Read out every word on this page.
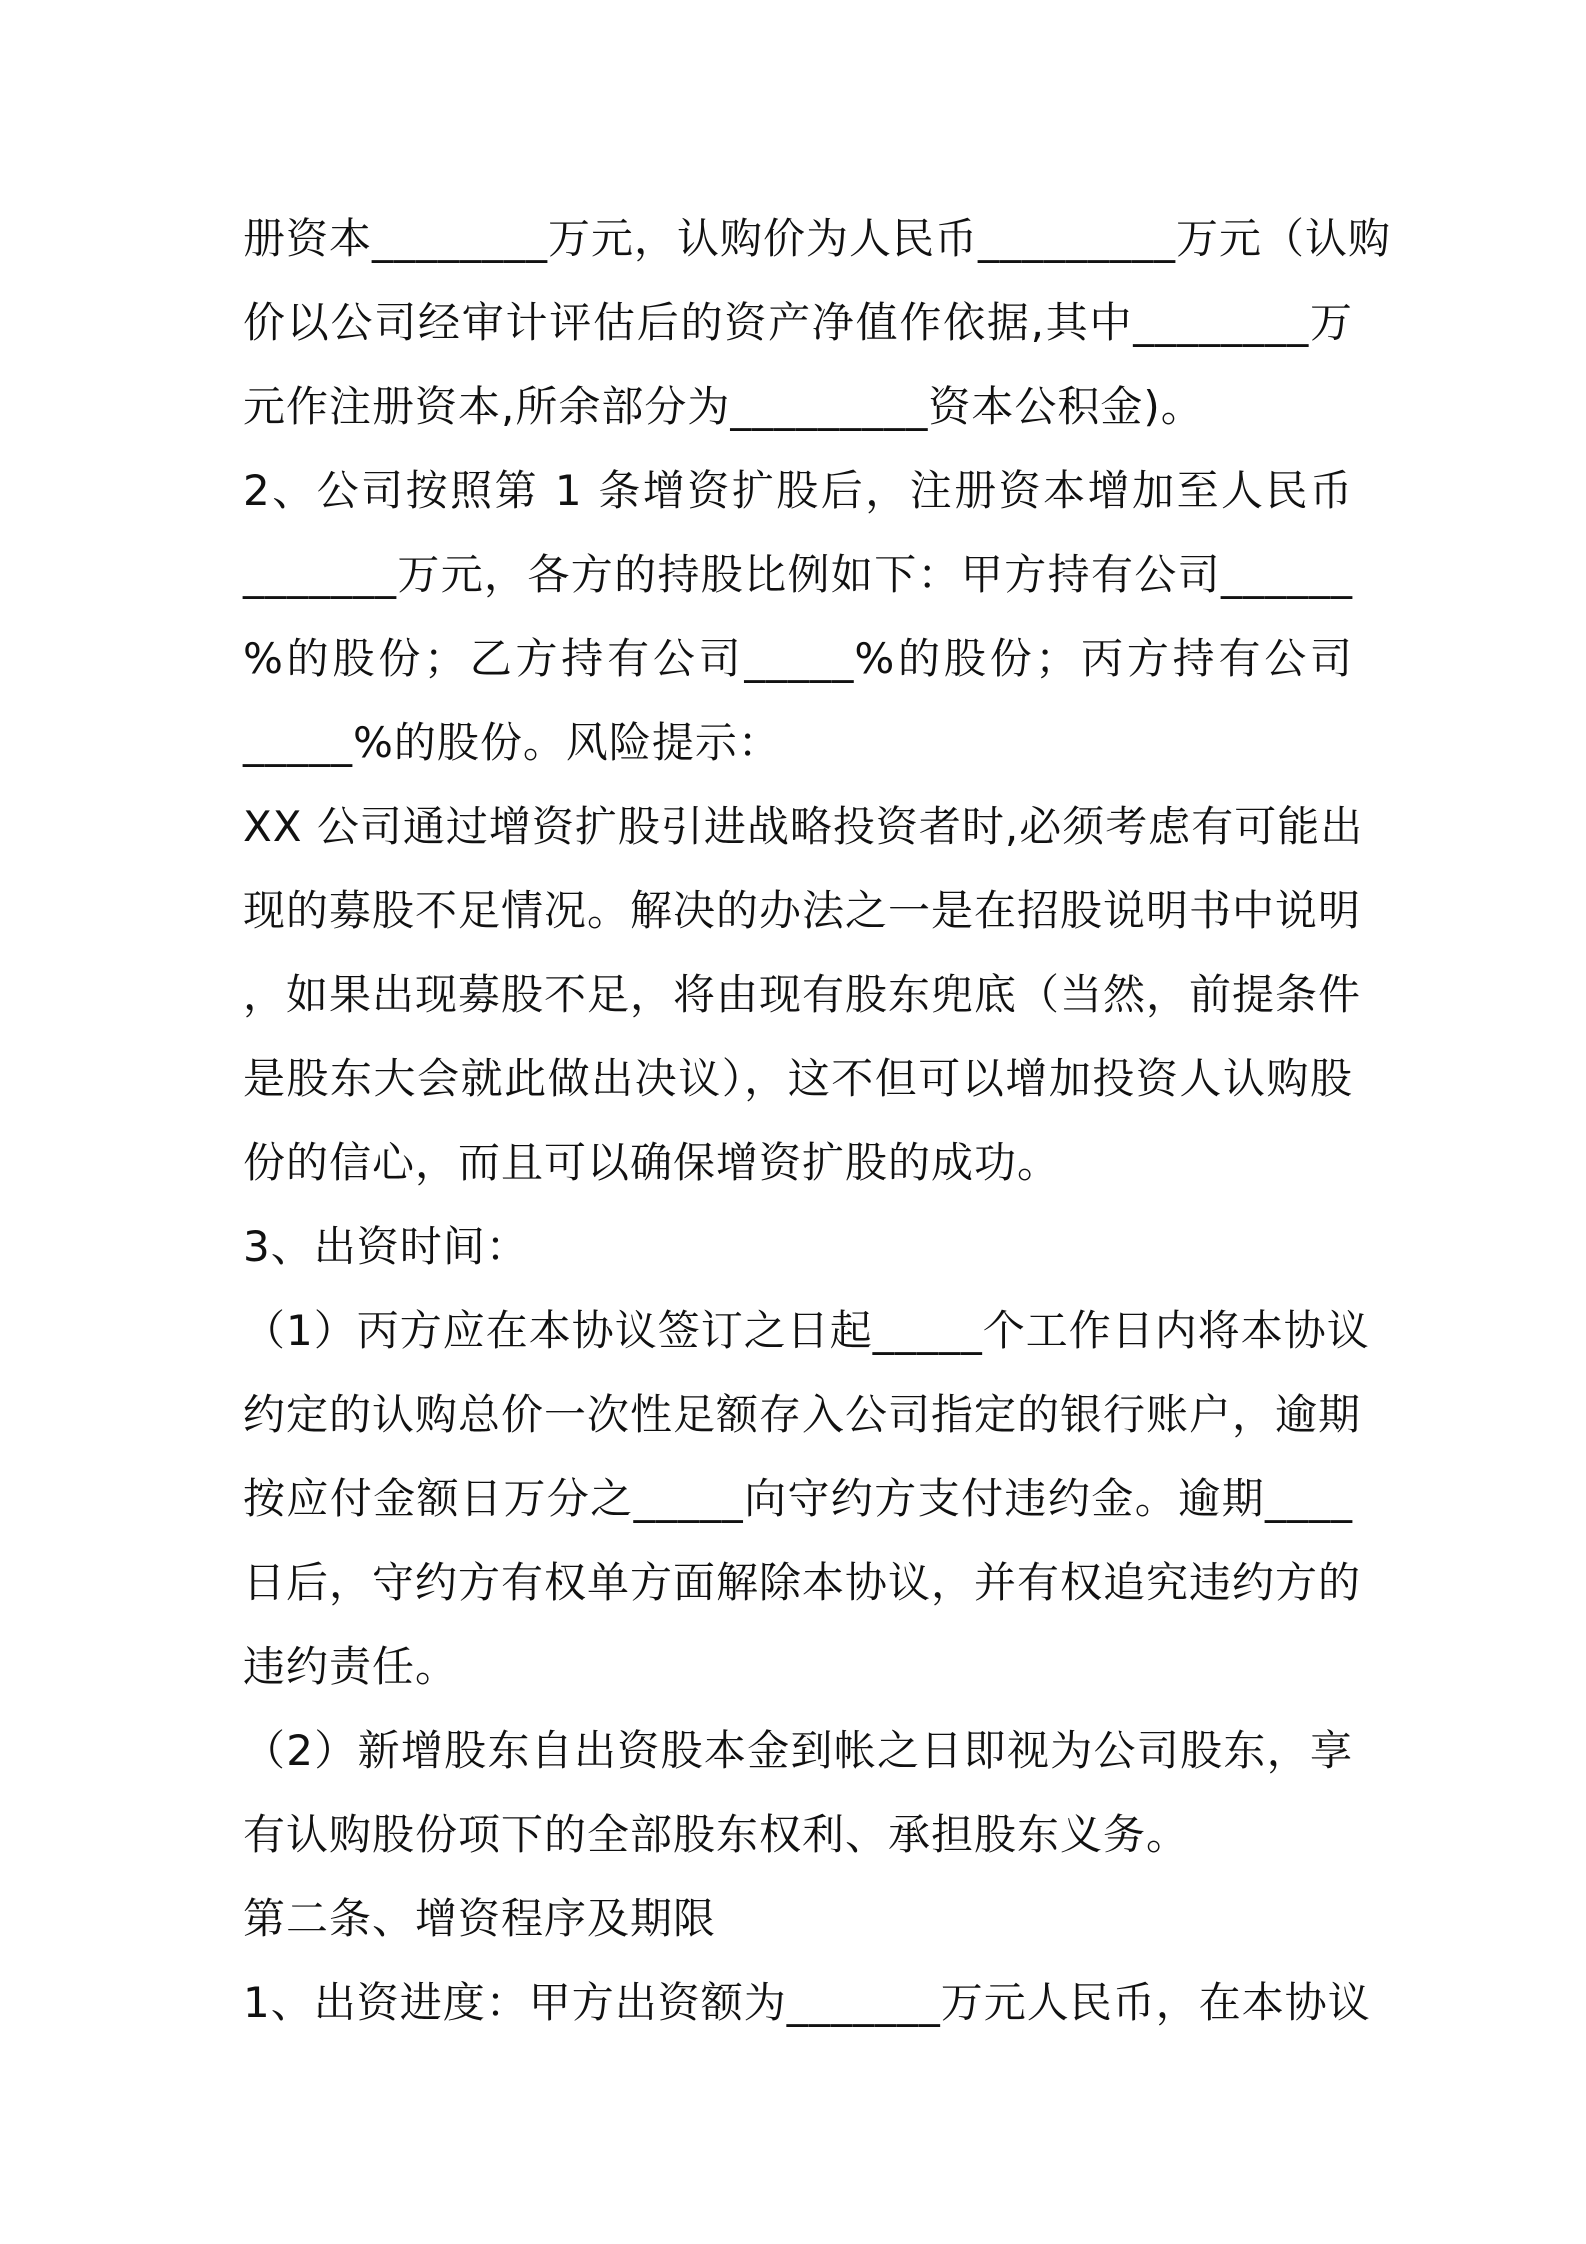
册资本________万元，认购价为人民币_________万元（认购
价以公司经审计评估后的资产净值作依据,其中________万
元作注册资本,所余部分为_________资本公积金)。
2、公司按照第 1 条增资扩股后，注册资本增加至人民币
_______万元，各方的持股比例如下：甲方持有公司______
%的股份；乙方持有公司_____%的股份；丙方持有公司
_____%的股份。风险提示：
XX 公司通过增资扩股引进战略投资者时,必须考虑有可能出
现的募股不足情况。解决的办法之一是在招股说明书中说明
，如果出现募股不足，将由现有股东兜底（当然，前提条件
是股东大会就此做出决议），这不但可以增加投资人认购股
份的信心，而且可以确保增资扩股的成功。
3、出资时间：
（1）丙方应在本协议签订之日起_____个工作日内将本协议
约定的认购总价一次性足额存入公司指定的银行账户，逾期
按应付金额日万分之_____向守约方支付违约金。逾期____
日后，守约方有权单方面解除本协议，并有权追究违约方的
违约责任。
（2）新增股东自出资股本金到帐之日即视为公司股东，享
有认购股份项下的全部股东权利、承担股东义务。
第二条、增资程序及期限
1、出资进度：甲方出资额为_______万元人民币，在本协议
